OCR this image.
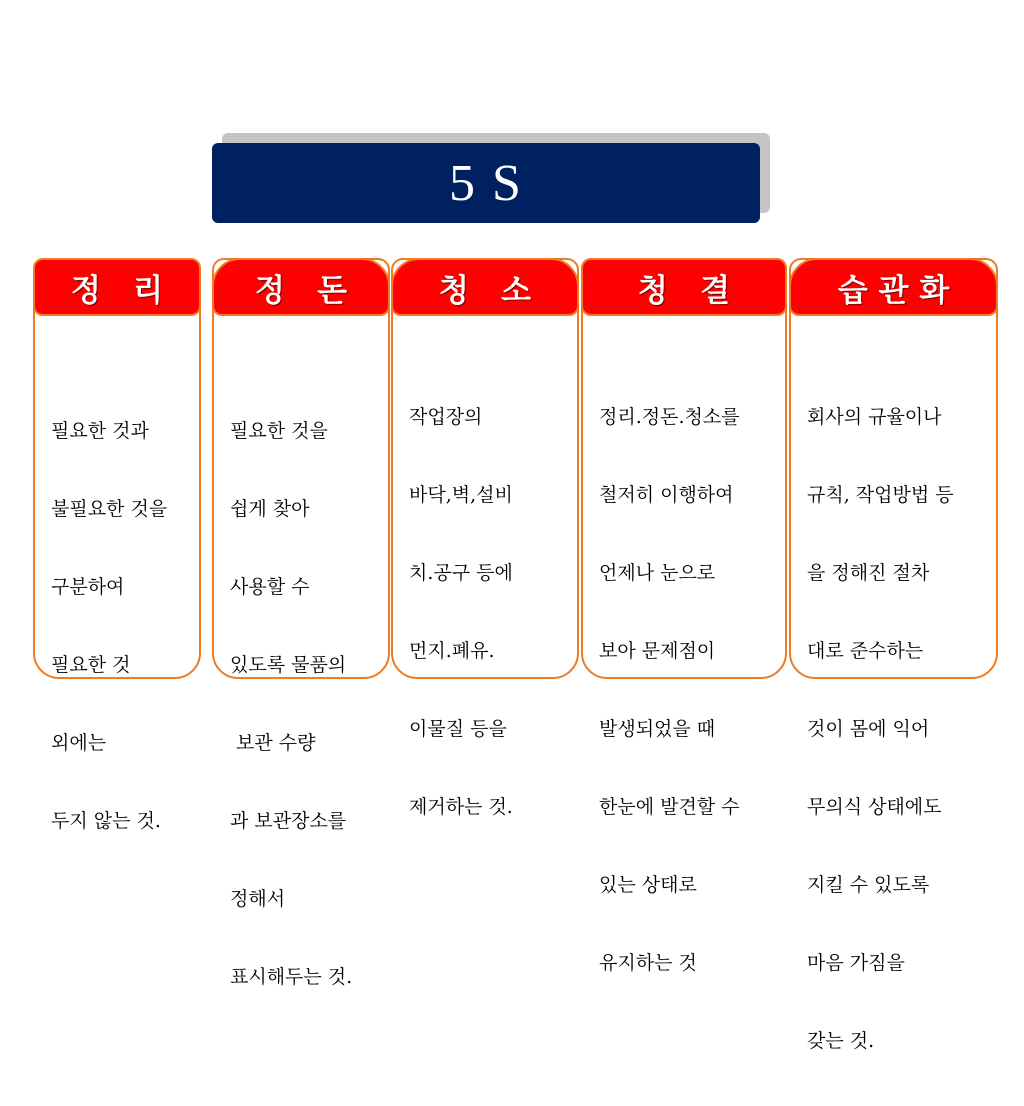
5 S
정   리

필요한 것과

불필요한 것을

구분하여

필요한 것

외에는

두지 않는 것.

정   돈

필요한 것을

쉽게 찾아

사용할 수

있도록 물품의

보관 수량

과 보관장소를

정해서

표시해두는 것.

청   소

작업장의

바닥,벽,설비

치.공구 등에

먼지.폐유.

이물질 등을

제거하는 것.

청   결

정리.정돈.청소를

철저히 이행하여

언제나 눈으로

보아 문제점이

발생되었을 때

한눈에 발견할 수

있는 상태로

유지하는 것

습 관 화

회사의 규율이나

규칙, 작업방법 등

을 정해진 절차

대로 준수하는

것이 몸에 익어

무의식 상태에도

지킬 수 있도록

마음 가짐을

갖는 것.
